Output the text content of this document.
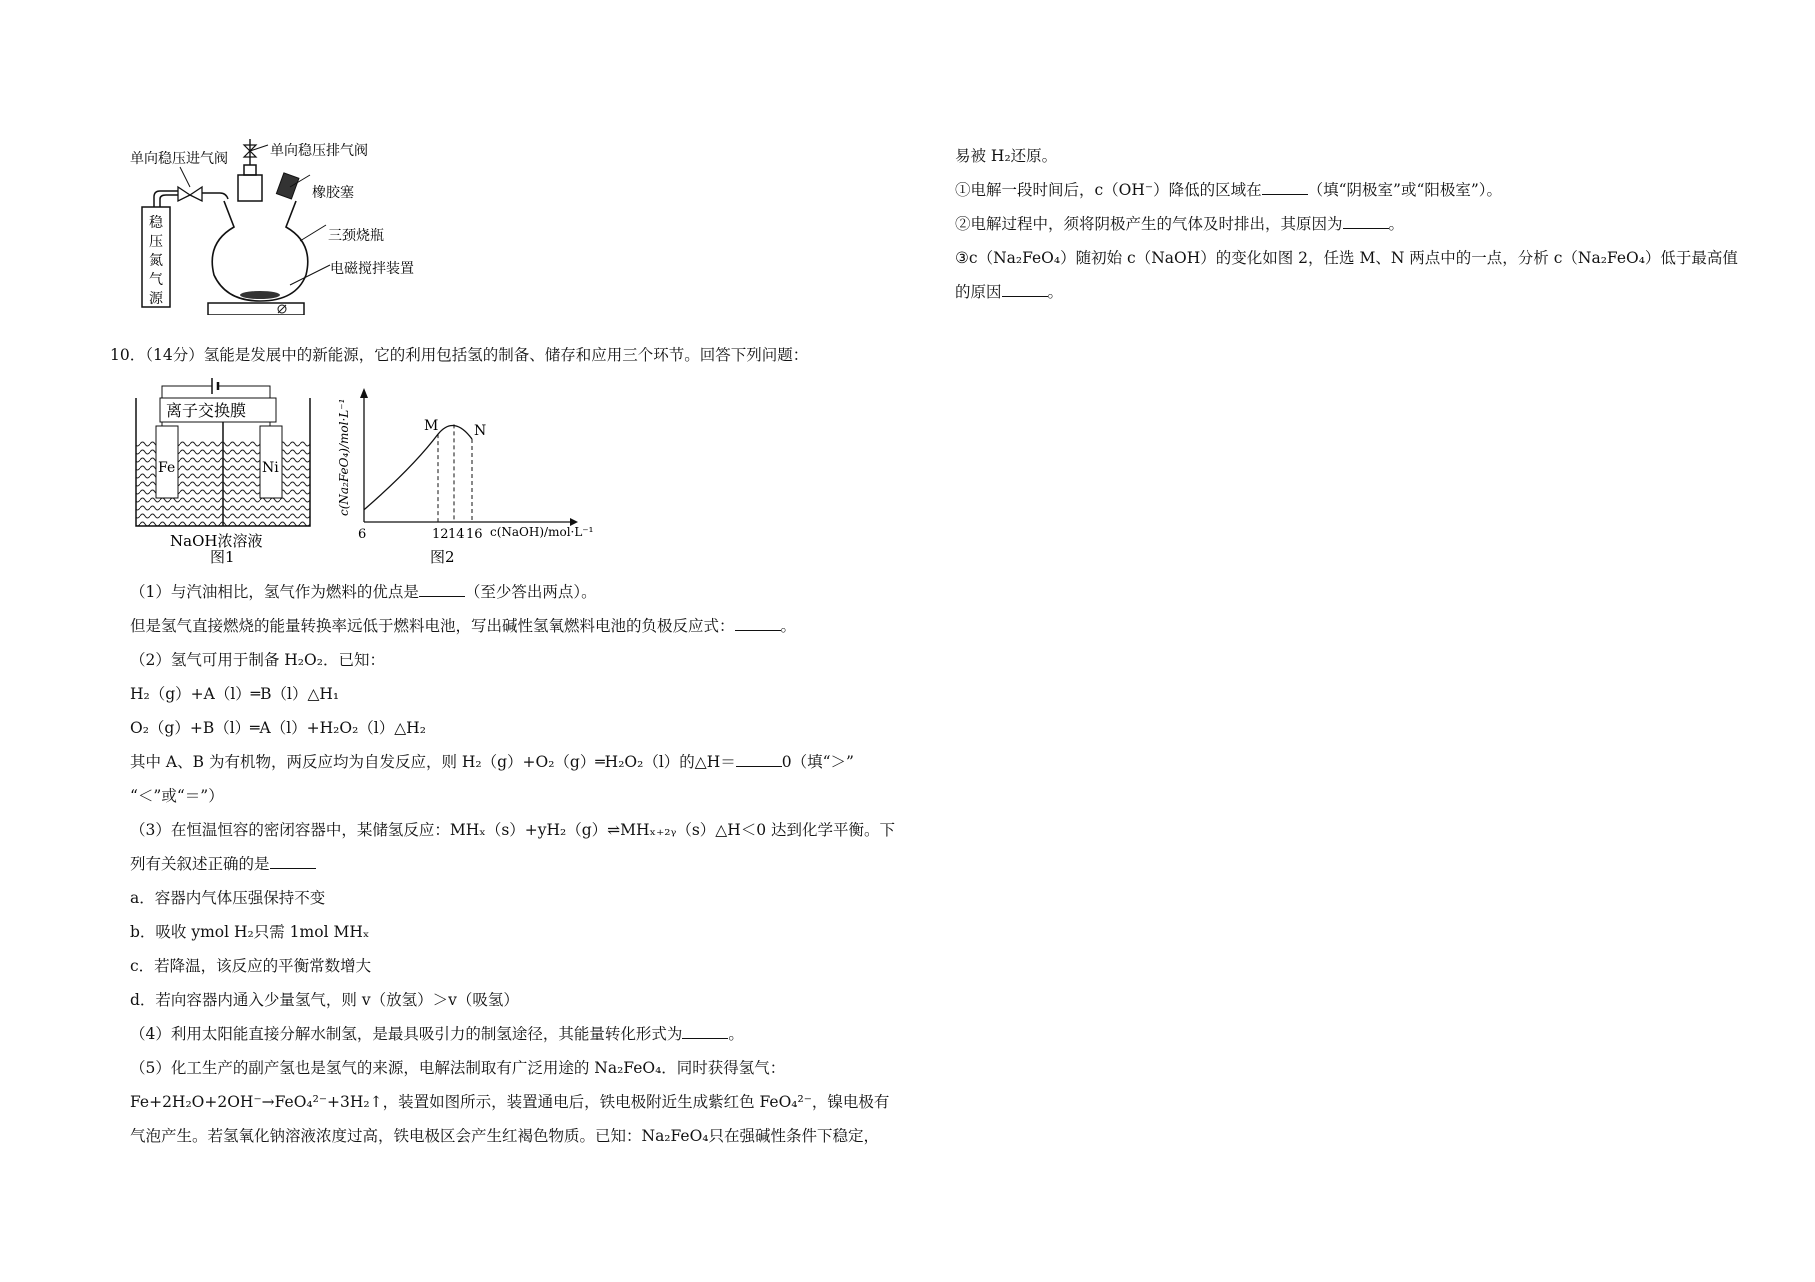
稳
压
氮
气
源
单向稳压进气阀	单向稳压排气阀
橡胶塞
三颈烧瓶
电磁搅拌装置
10．（14分）氢能是发展中的新能源，它的利用包括氢的制备、储存和应用三个环节。回答下列问题：
离子交换膜
Fe	Ni
NaOH浓溶液
图1
c(Na₂FeO₄)/mol·L⁻¹
c(NaOH)/mol·L⁻¹
6	12 14 16
M	N
图2
（1）与汽油相比，氢气作为燃料的优点是	（至少答出两点）。
但是氢气直接燃烧的能量转换率远低于燃料电池，写出碱性氢氧燃料电池的负极反应式：	。
（2）氢气可用于制备 H₂O₂．已知：
H₂（g）+A（l）═B（l）△H₁
O₂（g）+B（l）═A（l）+H₂O₂（l）△H₂
其中 A、B 为有机物，两反应均为自发反应，则 H₂（g）+O₂（g）═H₂O₂（l）的△H＝	0（填“＞”
“＜”或“＝”）
（3）在恒温恒容的密闭容器中，某储氢反应：MHₓ（s）+yH₂（g）⇌MHₓ₊₂ᵧ（s）△H＜0 达到化学平衡。下
列有关叙述正确的是
a．容器内气体压强保持不变
b．吸收 ymol H₂只需 1mol MHₓ
c．若降温，该反应的平衡常数增大
d．若向容器内通入少量氢气，则 v（放氢）＞v（吸氢）
（4）利用太阳能直接分解水制氢，是最具吸引力的制氢途径，其能量转化形式为	。
（5）化工生产的副产氢也是氢气的来源，电解法制取有广泛用途的 Na₂FeO₄．同时获得氢气：
Fe+2H₂O+2OH⁻→FeO₄²⁻+3H₂↑，装置如图所示，装置通电后，铁电极附近生成紫红色 FeO₄²⁻，镍电极有
气泡产生。若氢氧化钠溶液浓度过高，铁电极区会产生红褐色物质。已知：Na₂FeO₄只在强碱性条件下稳定，
易被 H₂还原。
①电解一段时间后，c（OH⁻）降低的区域在	（填“阴极室”或“阳极室”）。
②电解过程中，须将阴极产生的气体及时排出，其原因为	。
③c（Na₂FeO₄）随初始 c（NaOH）的变化如图 2，任选 M、N 两点中的一点，分析 c（Na₂FeO₄）低于最高值
的原因	。
